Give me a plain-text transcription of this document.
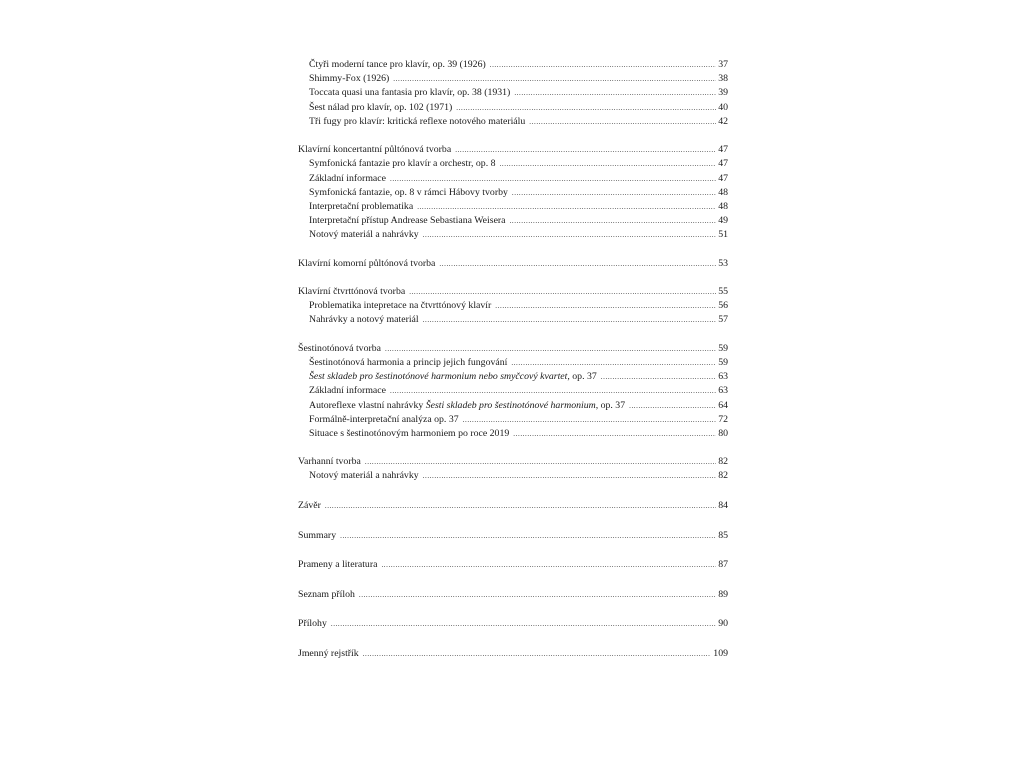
Čtyři moderní tance pro klavír, op. 39 (1926) .....	37
Shimmy-Fox (1926) .....	38
Toccata quasi una fantasia pro klavír, op. 38 (1931) .....	39
Šest nálad pro klavír, op. 102 (1971) .....	40
Tři fugy pro klavír: kritická reflexe notového materiálu .....	42
Klavírní koncertantní půltónová tvorba .....	47
Symfonická fantazie pro klavír a orchestr, op. 8 .....	47
Základní informace .....	47
Symfonická fantazie, op. 8 v rámci Hábovy tvorby .....	48
Interpretační problematika .....	48
Interpretační přístup Andrease Sebastiana Weisera .....	49
Notový materiál a nahrávky .....	51
Klavírní komorní půltónová tvorba .....	53
Klavírní čtvrttónová tvorba .....	55
Problematika intepretace na čtvrttónový klavír .....	56
Nahrávky a notový materiál .....	57
Šestinotónová tvorba .....	59
Šestinotónová harmonia a princip jejich fungování .....	59
Šest skladeb pro šestinotónové harmonium nebo smyčcový kvartet, op. 37 .....	63
Základní informace .....	63
Autoreflexe vlastní nahrávky Šesti skladeb pro šestinotónové harmonium, op. 37 .....	64
Formálně-interpretační analýza op. 37 .....	72
Situace s šestinotónovým harmoniem po roce 2019 .....	80
Varhanní tvorba .....	82
Notový materiál a nahrávky .....	82
Závěr .....	84
Summary .....	85
Prameny a literatura .....	87
Seznam příloh .....	89
Přílohy .....	90
Jmenný rejstřík .....	109
